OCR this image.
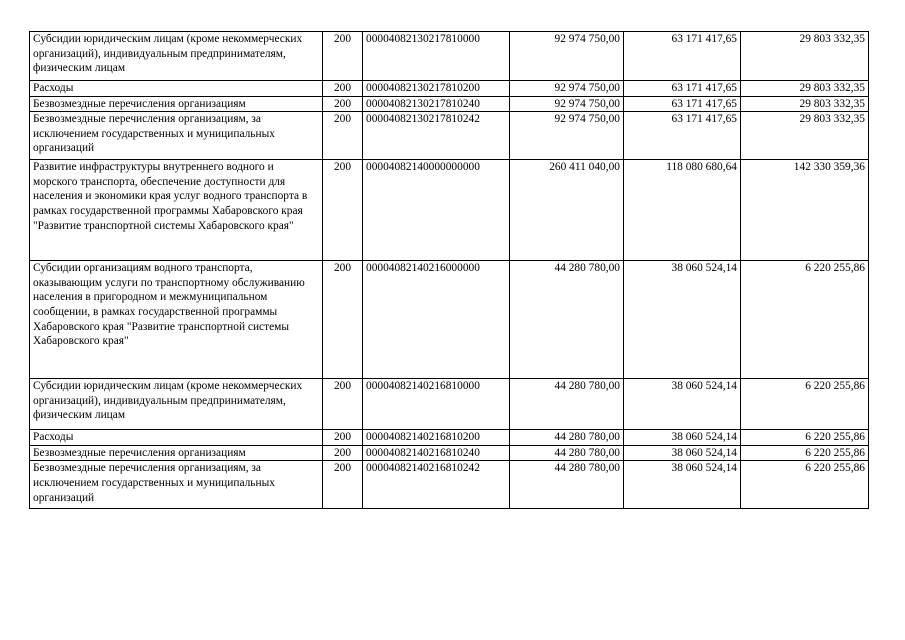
Субсидии юридическим лицам (кроме некоммерческих организаций), индивидуальным предпринимателям, физическим лицам	200	00004082130217810000	92 974 750,00	63 171 417,65	29 803 332,35
Расходы	200	00004082130217810200	92 974 750,00	63 171 417,65	29 803 332,35
Безвозмездные перечисления организациям	200	00004082130217810240	92 974 750,00	63 171 417,65	29 803 332,35
Безвозмездные перечисления организациям, за исключением государственных и муниципальных организаций	200	00004082130217810242	92 974 750,00	63 171 417,65	29 803 332,35
Развитие инфраструктуры внутреннего водного и морского транспорта, обеспечение доступности для населения и экономики края услуг водного транспорта в рамках государственной программы Хабаровского края "Развитие транспортной системы Хабаровского края"	200	00004082140000000000	260 411 040,00	118 080 680,64	142 330 359,36
Субсидии организациям водного транспорта, оказывающим услуги по транспортному обслуживанию населения в пригородном и межмуниципальном сообщении, в рамках государственной программы Хабаровского края "Развитие транспортной системы Хабаровского края"	200	00004082140216000000	44 280 780,00	38 060 524,14	6 220 255,86
Субсидии юридическим лицам (кроме некоммерческих организаций), индивидуальным предпринимателям, физическим лицам	200	00004082140216810000	44 280 780,00	38 060 524,14	6 220 255,86
Расходы	200	00004082140216810200	44 280 780,00	38 060 524,14	6 220 255,86
Безвозмездные перечисления организациям	200	00004082140216810240	44 280 780,00	38 060 524,14	6 220 255,86
Безвозмездные перечисления организациям, за исключением государственных и муниципальных организаций	200	00004082140216810242	44 280 780,00	38 060 524,14	6 220 255,86
